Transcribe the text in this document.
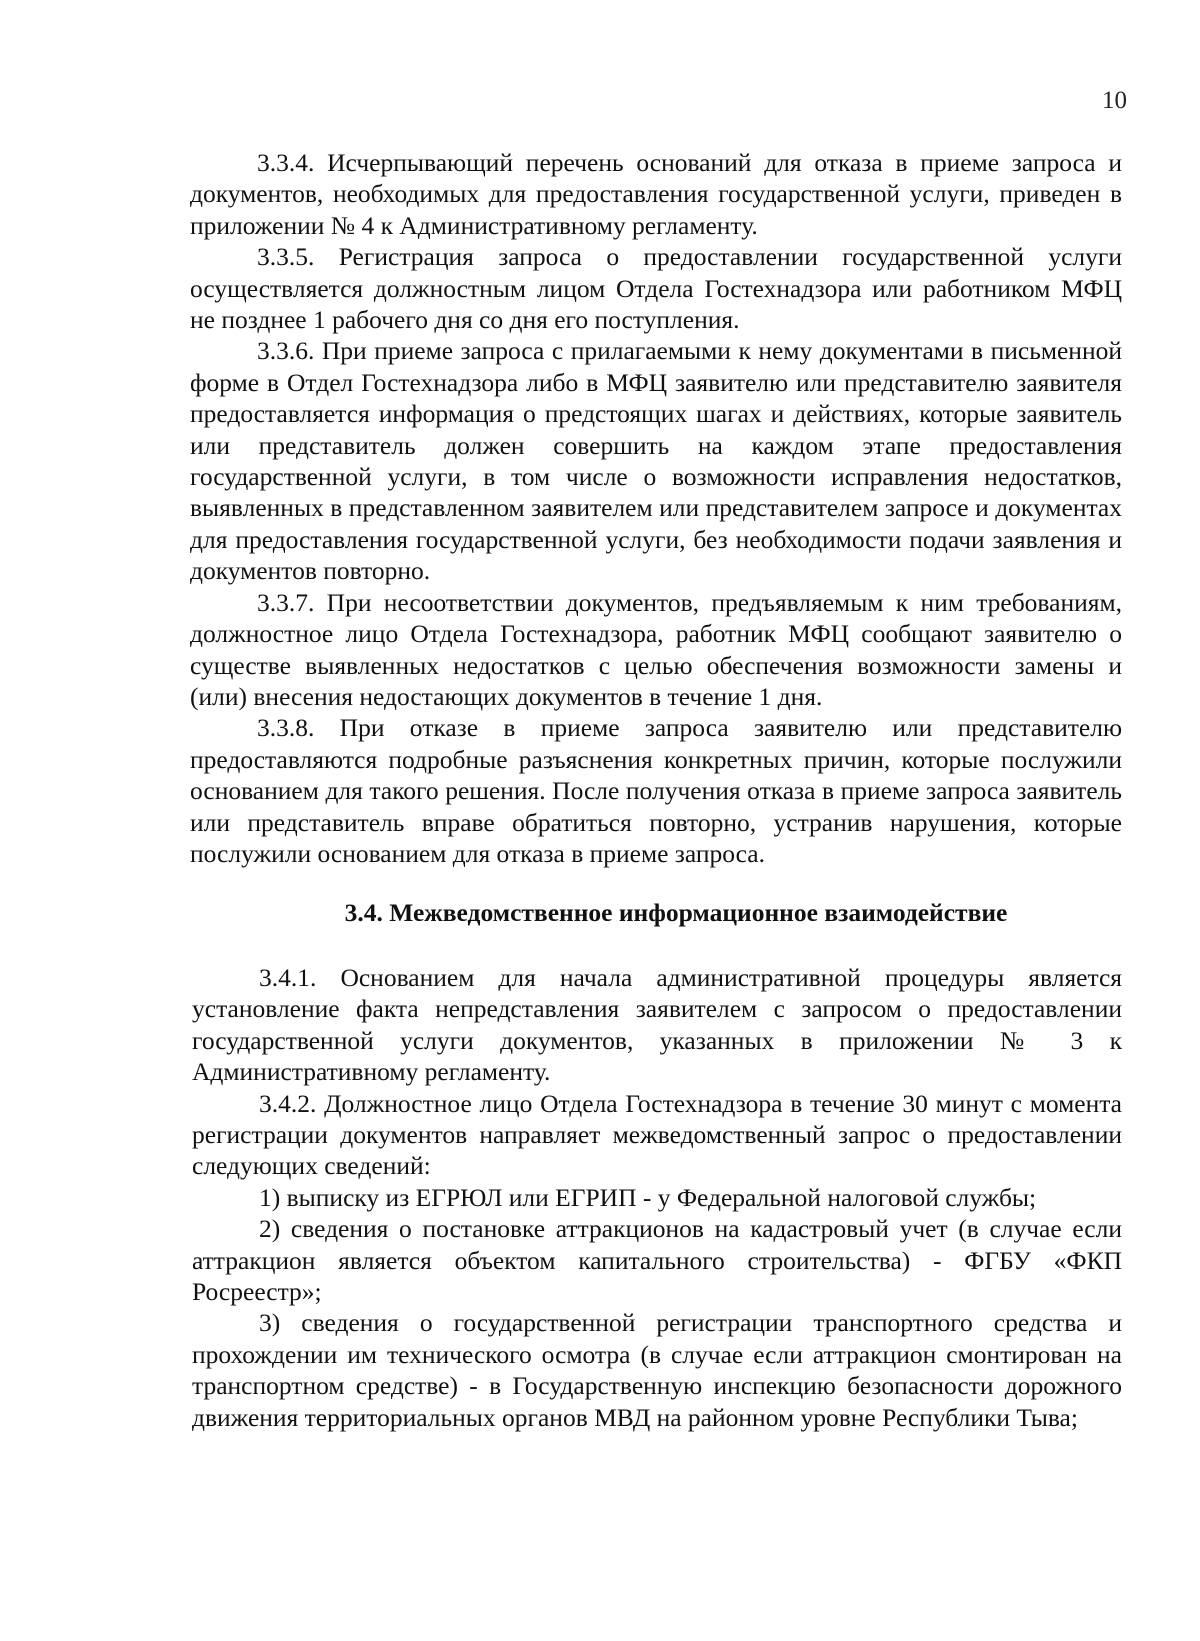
10

3.3.4. Исчерпывающий перечень оснований для отказа в приеме запроса и документов, необходимых для предоставления государственной услуги, приведен в приложении № 4 к Административному регламенту.

3.3.5. Регистрация запроса о предоставлении государственной услуги осуществляется должностным лицом Отдела Гостехнадзора или работником МФЦ не позднее 1 рабочего дня со дня его поступления.

3.3.6. При приеме запроса с прилагаемыми к нему документами в письменной форме в Отдел Гостехнадзора либо в МФЦ заявителю или представителю заявителя предоставляется информация о предстоящих шагах и действиях, которые заявитель или представитель должен совершить на каждом этапе предоставления государственной услуги, в том числе о возможности исправления недостатков, выявленных в представленном заявителем или представителем запросе и документах для предоставления государственной услуги, без необходимости подачи заявления и документов повторно.

3.3.7. При несоответствии документов, предъявляемым к ним требованиям, должностное лицо Отдела Гостехнадзора, работник МФЦ сообщают заявителю о существе выявленных недостатков с целью обеспечения возможности замены и (или) внесения недостающих документов в течение 1 дня.

3.3.8. При отказе в приеме запроса заявителю или представителю предоставляются подробные разъяснения конкретных причин, которые послужили основанием для такого решения. После получения отказа в приеме запроса заявитель или представитель вправе обратиться повторно, устранив нарушения, которые послужили основанием для отказа в приеме запроса.

3.4. Межведомственное информационное взаимодействие

3.4.1. Основанием для начала административной процедуры является установление факта непредставления заявителем с запросом о предоставлении государственной услуги документов, указанных в приложении № 3 к Административному регламенту.

3.4.2. Должностное лицо Отдела Гостехнадзора в течение 30 минут с момента регистрации документов направляет межведомственный запрос о предоставлении следующих сведений:

1) выписку из ЕГРЮЛ или ЕГРИП - у Федеральной налоговой службы;

2) сведения о постановке аттракционов на кадастровый учет (в случае если аттракцион является объектом капитального строительства) - ФГБУ «ФКП Росреестр»;

3) сведения о государственной регистрации транспортного средства и прохождении им технического осмотра (в случае если аттракцион смонтирован на транспортном средстве) - в Государственную инспекцию безопасности дорожного движения территориальных органов МВД на районном уровне Республики Тыва;
